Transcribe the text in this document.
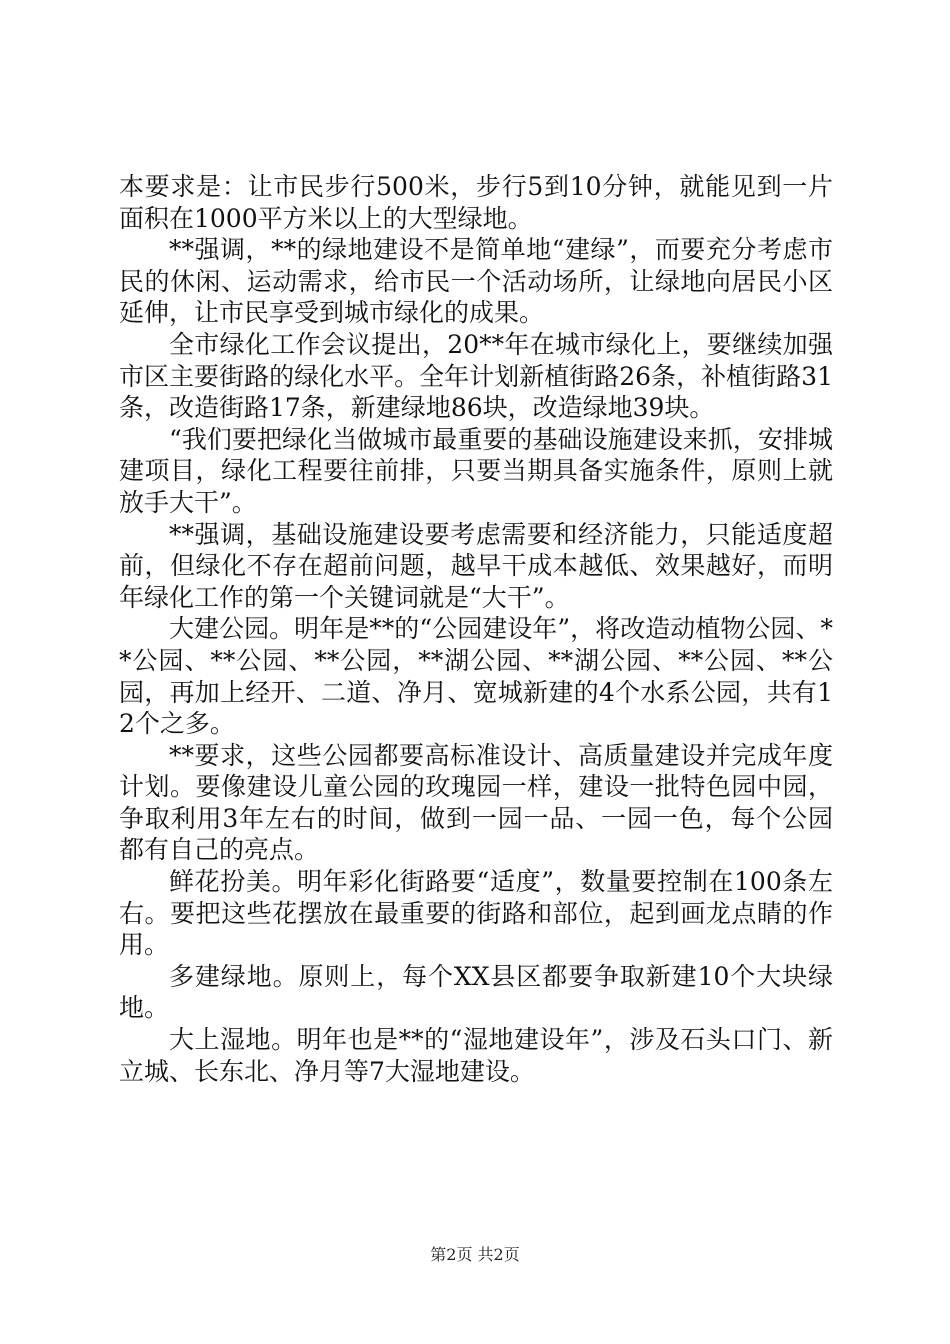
本要求是：让市民步行500米，步行5到10分钟，就能见到一片面积在1000平方米以上的大型绿地。

**强调，**的绿地建设不是简单地“建绿”，而要充分考虑市民的休闲、运动需求，给市民一个活动场所，让绿地向居民小区延伸，让市民享受到城市绿化的成果。

全市绿化工作会议提出，20**年在城市绿化上，要继续加强市区主要街路的绿化水平。全年计划新植街路26条，补植街路31条，改造街路17条，新建绿地86块，改造绿地39块。

“我们要把绿化当做城市最重要的基础设施建设来抓，安排城建项目，绿化工程要往前排，只要当期具备实施条件，原则上就放手大干”。

**强调，基础设施建设要考虑需要和经济能力，只能适度超前，但绿化不存在超前问题，越早干成本越低、效果越好，而明年绿化工作的第一个关键词就是“大干”。

大建公园。明年是**的“公园建设年”，将改造动植物公园、**公园、**公园、**公园，**湖公园、**湖公园、**公园、**公园，再加上经开、二道、净月、宽城新建的4个水系公园，共有12个之多。

**要求，这些公园都要高标准设计、高质量建设并完成年度计划。要像建设儿童公园的玫瑰园一样，建设一批特色园中园，争取利用3年左右的时间，做到一园一品、一园一色，每个公园都有自己的亮点。

鲜花扮美。明年彩化街路要“适度”，数量要控制在100条左右。要把这些花摆放在最重要的街路和部位，起到画龙点睛的作用。

多建绿地。原则上，每个XX县区都要争取新建10个大块绿地。

大上湿地。明年也是**的“湿地建设年”，涉及石头口门、新立城、长东北、净月等7大湿地建设。

第2页 共2页
